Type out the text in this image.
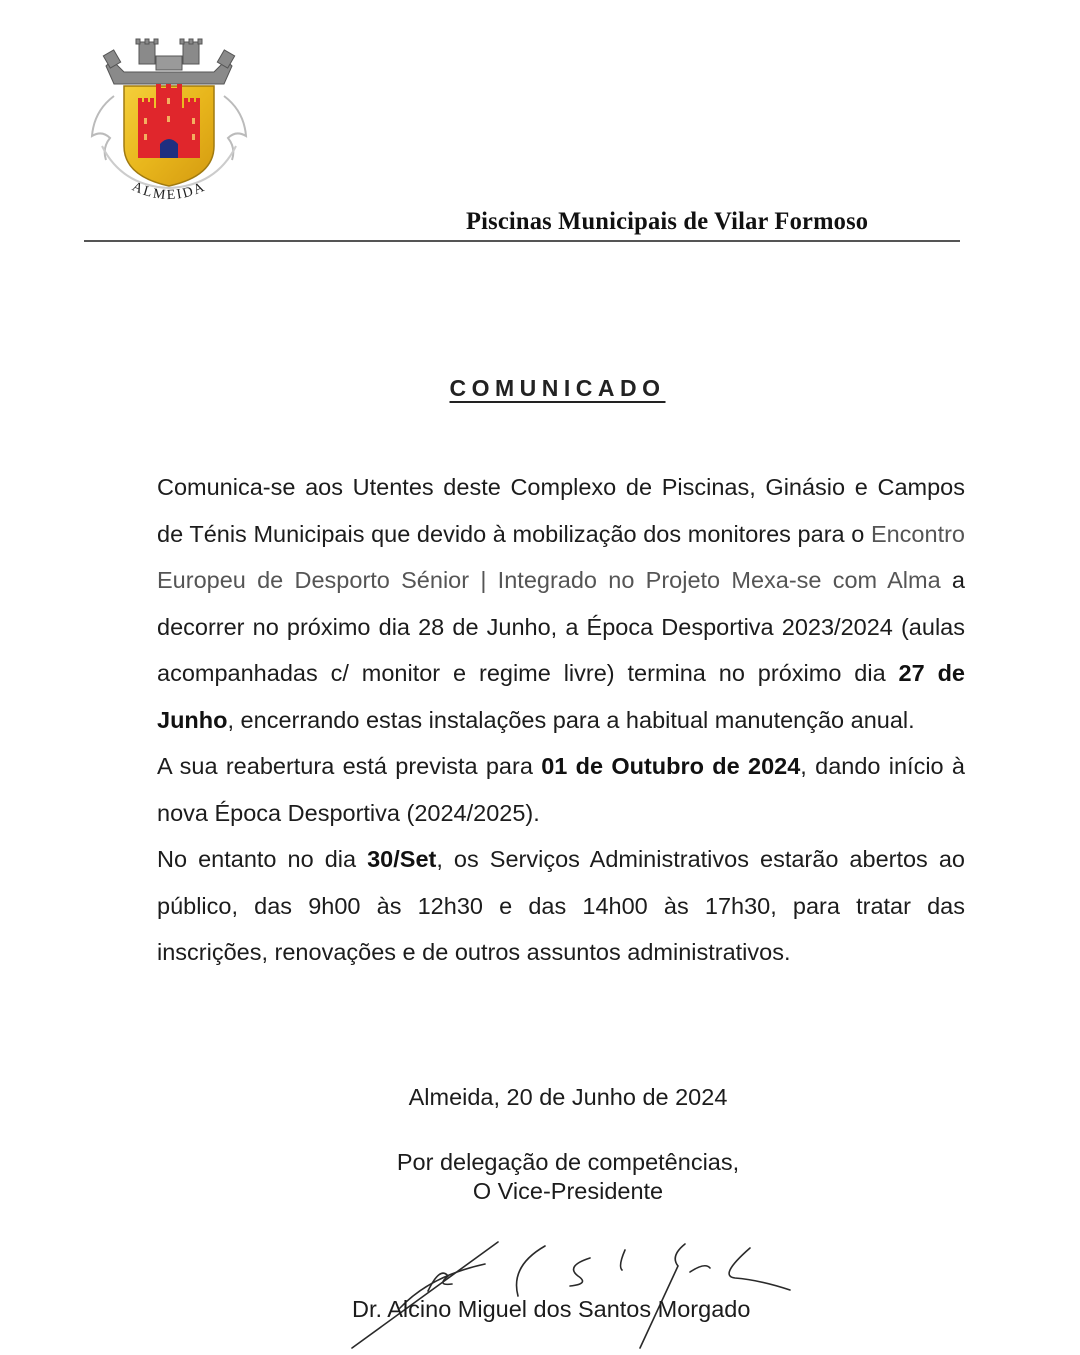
ALMEIDA
Piscinas Municipais de Vilar Formoso
COMUNICADO

Comunica-se aos Utentes deste Complexo de Piscinas, Ginásio e Campos de Ténis Municipais que devido à mobilização dos monitores para o Encontro Europeu de Desporto Sénior | Integrado no Projeto Mexa-se com Alma a decorrer no próximo dia 28 de Junho, a Época Desportiva 2023/2024 (aulas acompanhadas c/ monitor e regime livre) termina no próximo dia 27 de Junho, encerrando estas instalações para a habitual manutenção anual.

A sua reabertura está prevista para 01 de Outubro de 2024, dando início à nova Época Desportiva (2024/2025).

No entanto no dia 30/Set, os Serviços Administrativos estarão abertos ao público, das 9h00 às 12h30 e das 14h00 às 17h30, para tratar das inscrições, renovações e de outros assuntos administrativos.

Almeida, 20 de Junho de 2024
Por delegação de competências,
O Vice-Presidente
Dr. Alcino Miguel dos Santos Morgado
